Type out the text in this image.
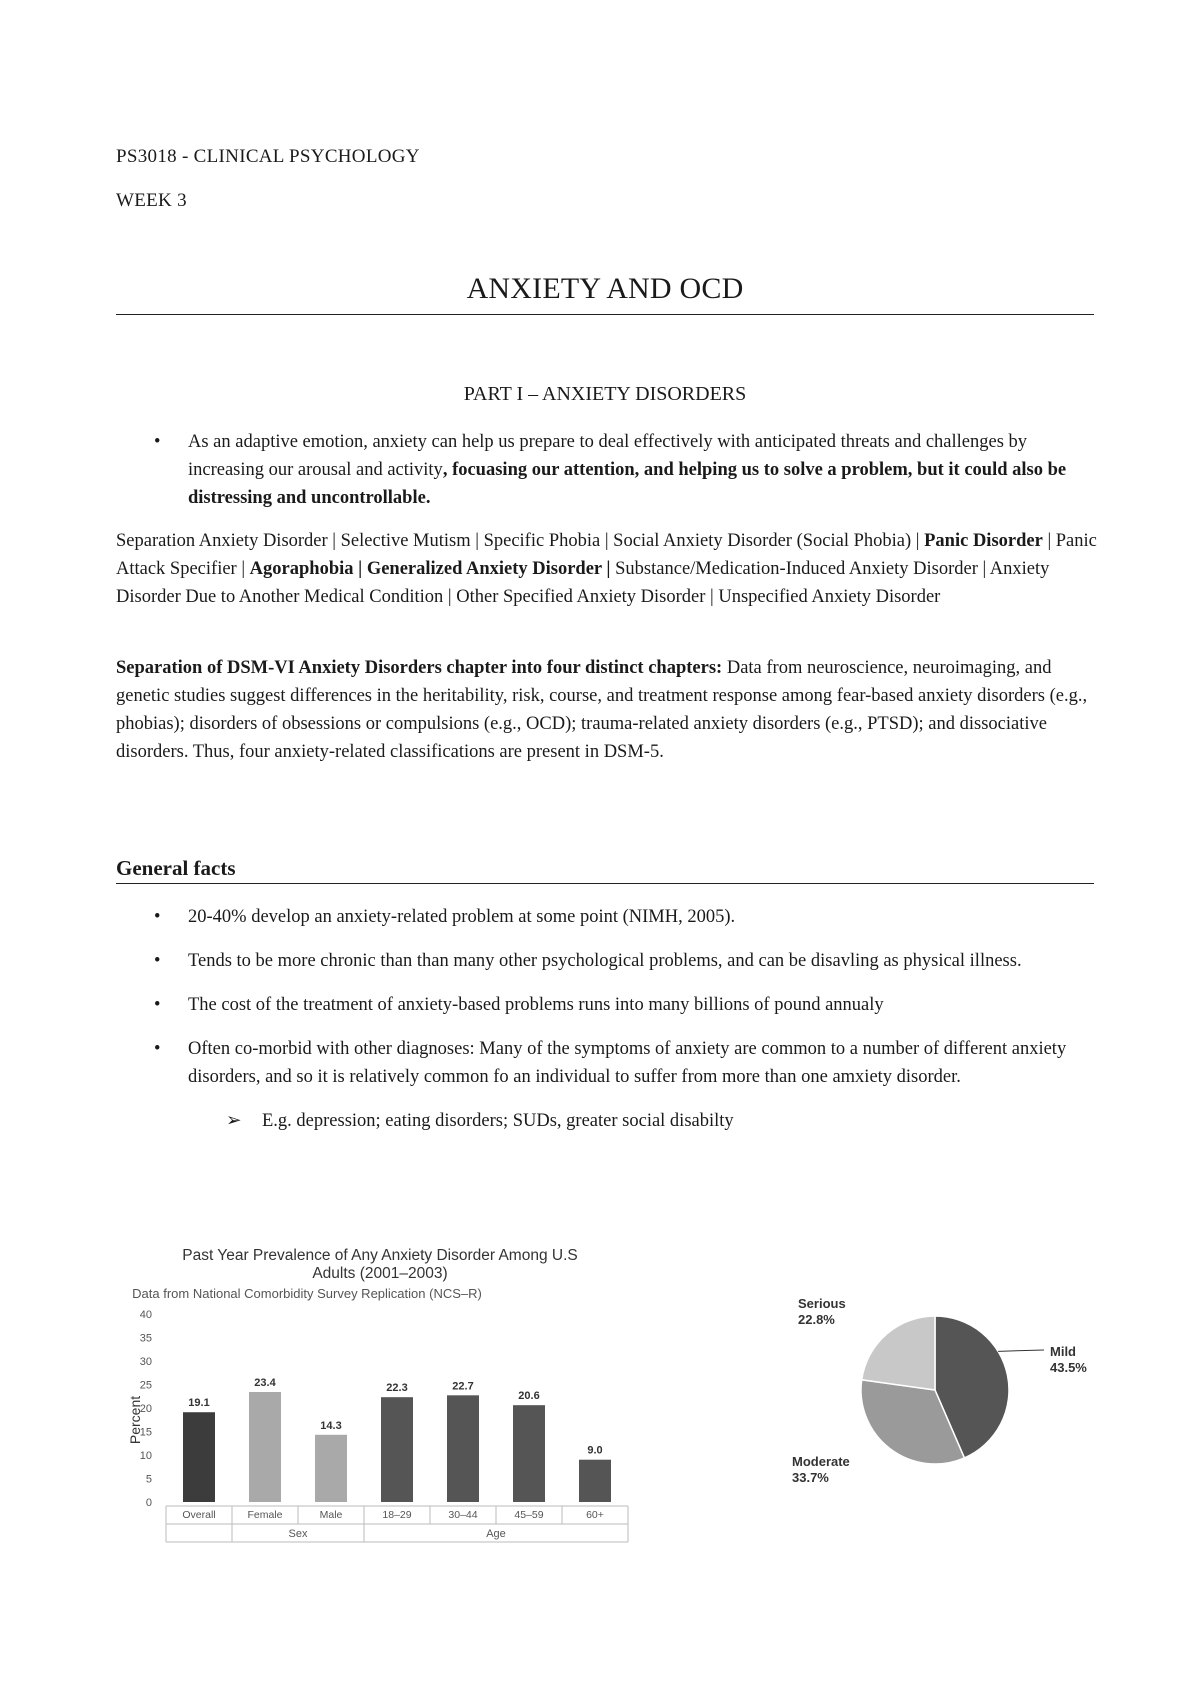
PS3018 - CLINICAL PSYCHOLOGY
WEEK 3
ANXIETY AND OCD
PART I – ANXIETY DISORDERS
• As an adaptive emotion, anxiety can help us prepare to deal effectively with anticipated threats and challenges by increasing our arousal and activity, focuasing our attention, and helping us to solve a problem, but it could also be distressing and uncontrollable.
Separation Anxiety Disorder | Selective Mutism | Specific Phobia | Social Anxiety Disorder (Social Phobia) | Panic Disorder | Panic Attack Specifier | Agoraphobia | Generalized Anxiety Disorder | Substance/Medication-Induced Anxiety Disorder | Anxiety Disorder Due to Another Medical Condition | Other Specified Anxiety Disorder | Unspecified Anxiety Disorder
Separation of DSM-VI Anxiety Disorders chapter into four distinct chapters: Data from neuroscience, neuroimaging, and genetic studies suggest differences in the heritability, risk, course, and treatment response among fear-based anxiety disorders (e.g., phobias); disorders of obsessions or compulsions (e.g., OCD); trauma-related anxiety disorders (e.g., PTSD); and dissociative disorders. Thus, four anxiety-related classifications are present in DSM-5.
General facts
• 20-40% develop an anxiety-related problem at some point (NIMH, 2005).
• Tends to be more chronic than than many other psychological problems, and can be disavling as physical illness.
• The cost of the treatment of anxiety-based problems runs into many billions of pound annualy
• Often co-morbid with other diagnoses: Many of the symptoms of anxiety are common to a number of different anxiety disorders, and so it is relatively common fo an individual to suffer from more than one amxiety disorder.
➢ E.g. depression; eating disorders; SUDs, greater social disabilty
Past Year Prevalence of Any Anxiety Disorder Among U.S
Adults (2001–2003)
Data from National Comorbidity Survey Replication (NCS–R)
Percent
0
5
10
15
20
25
30
35
40
19.1
23.4
14.3
22.3	22.7
20.6
9.0
Overall	Female	Male	18–29	30–44	45–59	60+
Sex	Age
Mild
43.5%
Moderate
33.7%
Serious
22.8%
